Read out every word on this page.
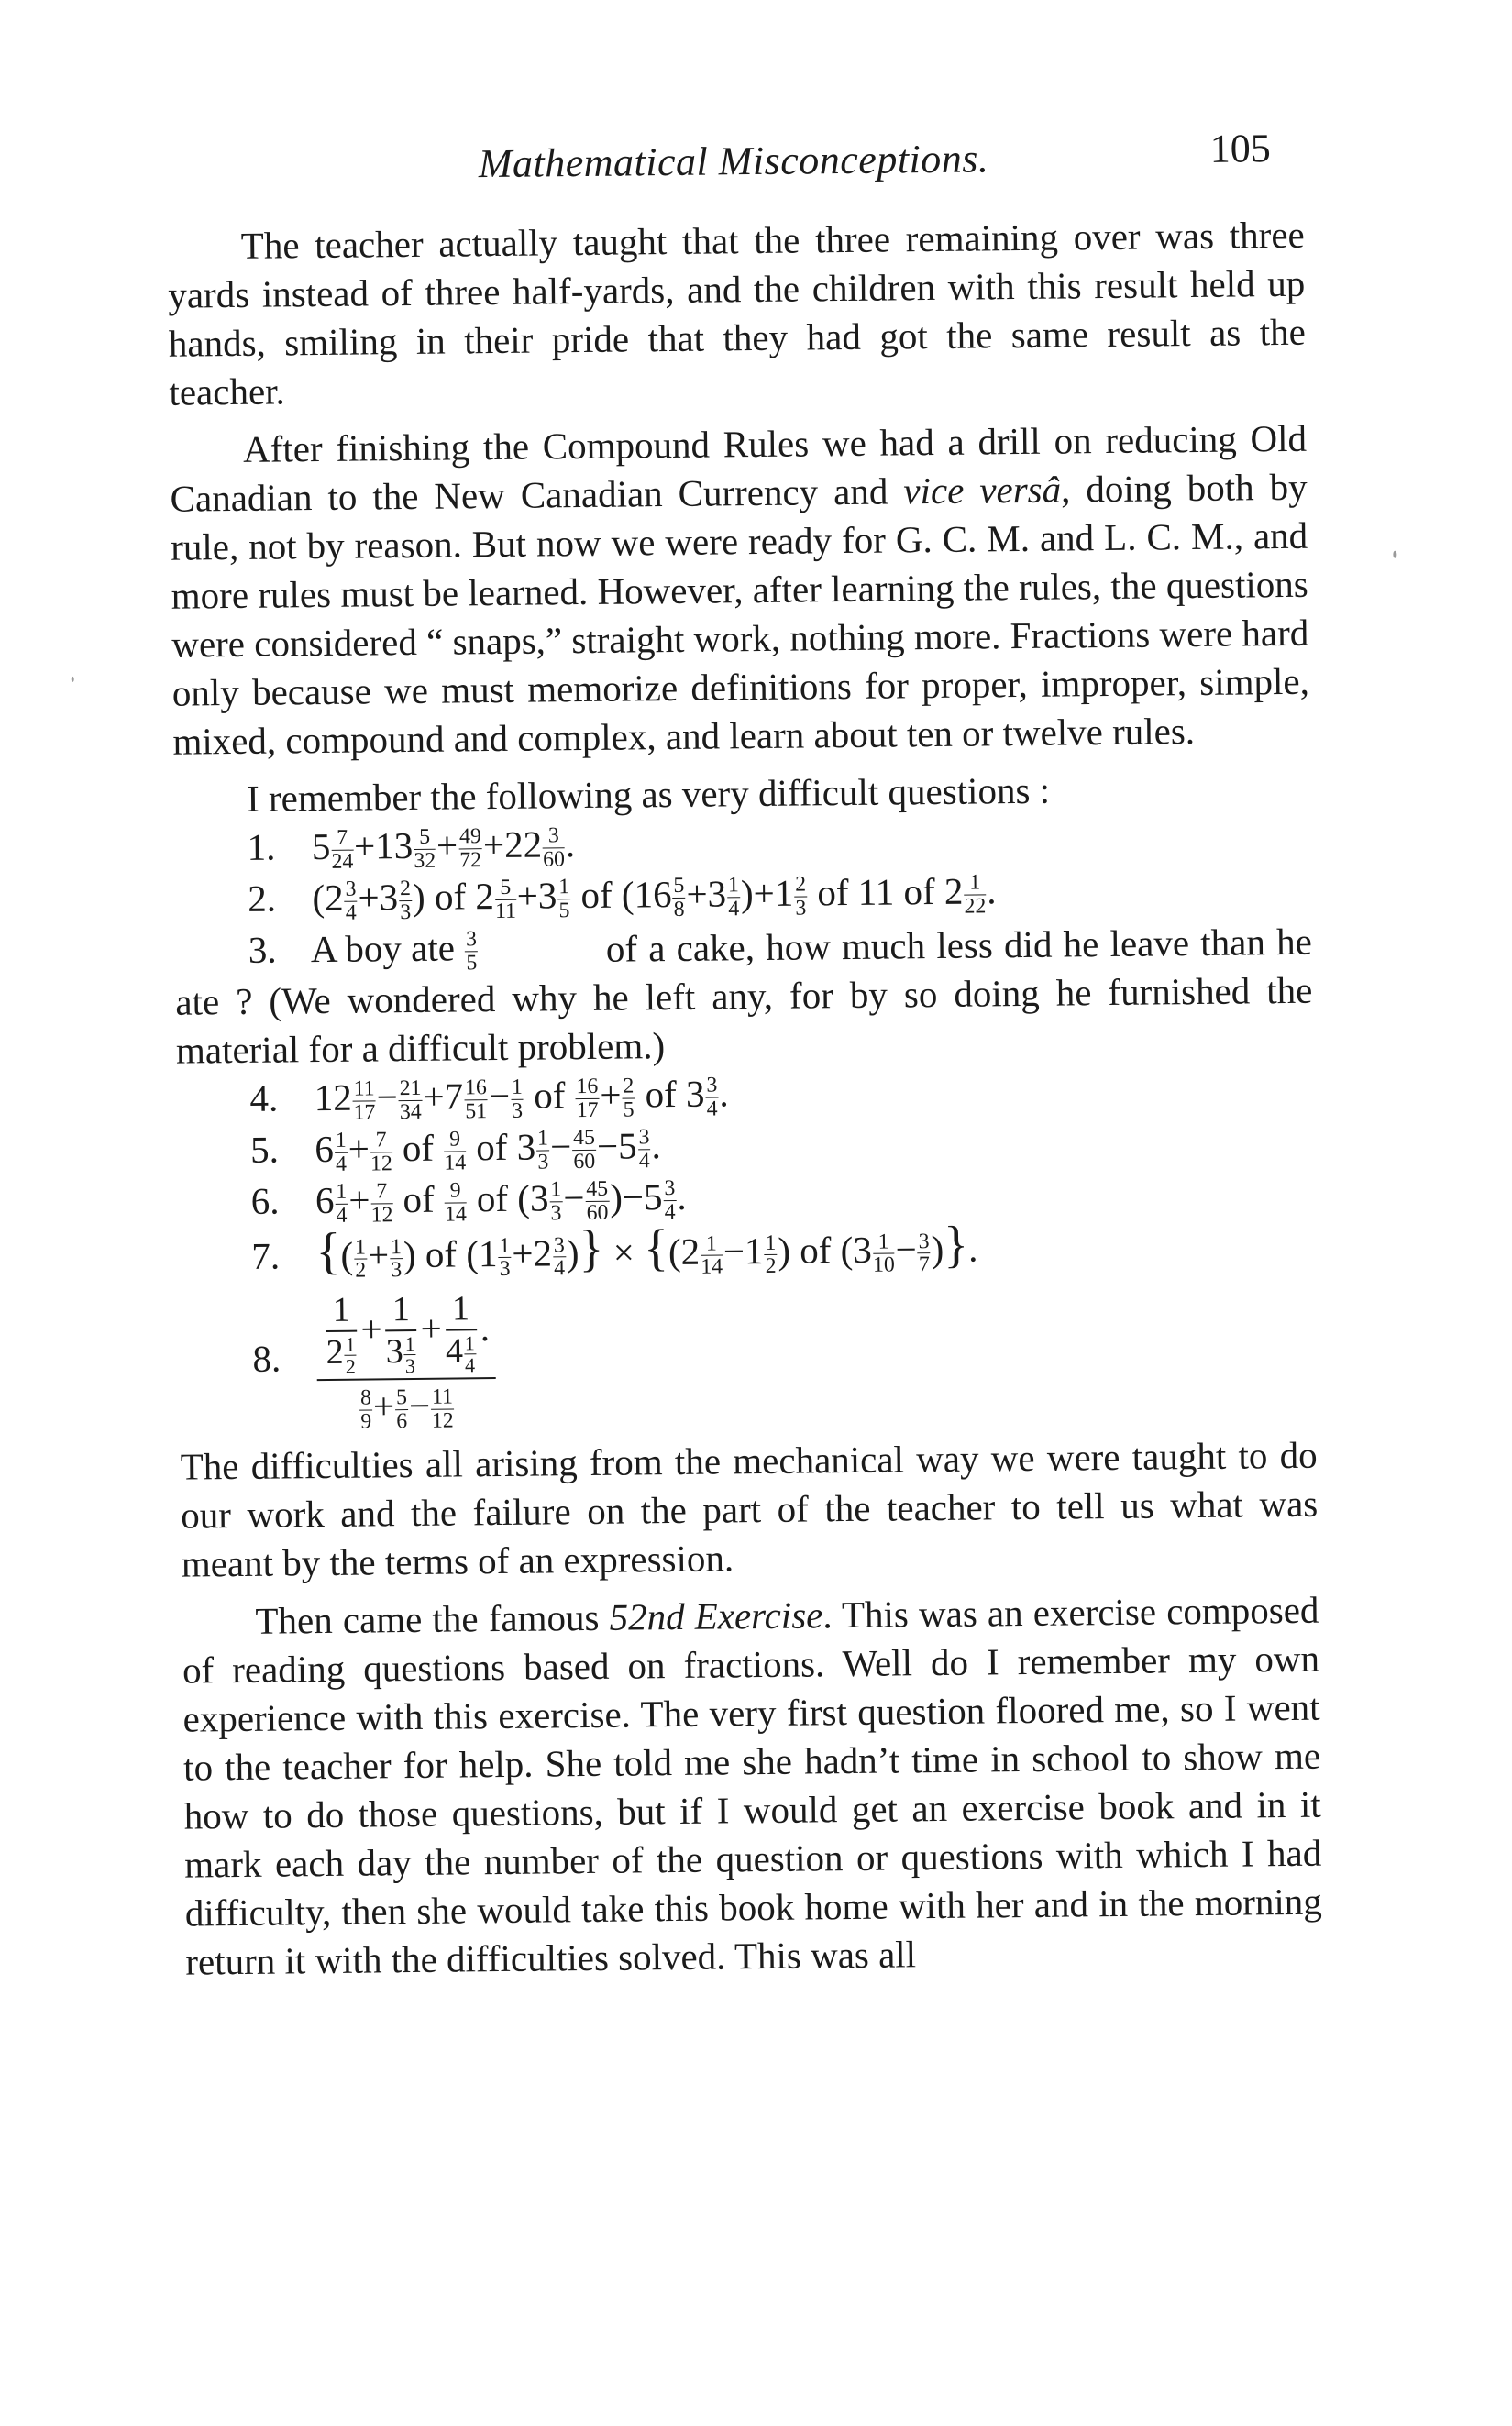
Mathematical Misconceptions.	105

The teacher actually taught that the three remaining over was three yards instead of three half-yards, and the children with this result held up hands, smiling in their pride that they had got the same result as the teacher.

After finishing the Compound Rules we had a drill on reducing Old Canadian to the New Canadian Currency and vice versâ, doing both by rule, not by reason. But now we were ready for G. C. M. and L. C. M., and more rules must be learned. However, after learning the rules, the questions were considered “ snaps,” straight work, nothing more. Fractions were hard only because we must memorize definitions for proper, improper, simple, mixed, compound and complex, and learn about ten or twelve rules.

I remember the following as very difficult questions :

1. $5 \frac{7}{24} +13 \frac{5}{32} + \frac{49}{72} +22 \frac{3}{60}$ .
2. ($2 \frac{3}{4} +3 \frac{2}{3}$ ) of $2 \frac{5}{11} +3 \frac{1}{5}$ of $(16 \frac{5}{8} +3 \frac{1}{4} )+1 \frac{2}{3}$ of 11 of $2 \frac{1}{22}$ .
3. A boy ate $\frac{3}{5}$	of a cake, how much less did he leave than he ate ? (We wondered why he left any, for by so doing he furnished the material for a difficult problem.)

4. $12 \frac{11}{17} - \frac{21}{34} +7 \frac{16}{51} - \frac{1}{3}$ of $\frac{16}{17} + \frac{2}{5}$ of $3 \frac{3}{4}$ .
5. $6 \frac{1}{4} + \frac{7}{12}$ of $\frac{9}{14}$ of $3 \frac{1}{3} - \frac{45}{60} -5 \frac{3}{4}$ .
6. $6 \frac{1}{4} + \frac{7}{12}$ of $\frac{9}{14}$ of $(3 \frac{1}{3} - \frac{45}{60} )-5 \frac{3}{4}$ .
7. {( $\frac{1}{2} + \frac{1}{3}$ ) of ($1 \frac{1}{3} +2 \frac{3}{4}$ )} × {($2 \frac{1}{14} -1 \frac{1}{2}$ ) of ($3 \frac{1}{10} - \frac{3}{7}$ )}.
8. $\frac{\frac{1}{2 \frac{1}{2}} + \frac{1}{3 \frac{1}{3}} + \frac{1}{4 \frac{1}{4}} .}{\frac{8}{9} + \frac{5}{6} - \frac{11}{12}}$

The difficulties all arising from the mechanical way we were taught to do our work and the failure on the part of the teacher to tell us what was meant by the terms of an expression.

Then came the famous 52nd Exercise. This was an exercise composed of reading questions based on fractions. Well do I remember my own experience with this exercise. The very first question floored me, so I went to the teacher for help. She told me she hadn’t time in school to show me how to do those questions, but if I would get an exercise book and in it mark each day the number of the question or questions with which I had difficulty, then she would take this book home with her and in the morning return it with the difficulties solved. This was all
